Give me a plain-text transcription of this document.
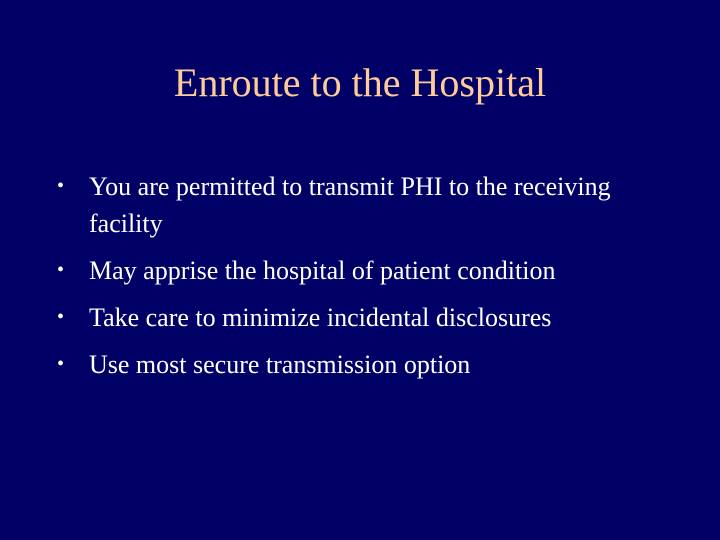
Enroute to the Hospital
• You are permitted to transmit PHI to the receiving facility
• May apprise the hospital of patient condition
• Take care to minimize incidental disclosures
• Use most secure transmission option
